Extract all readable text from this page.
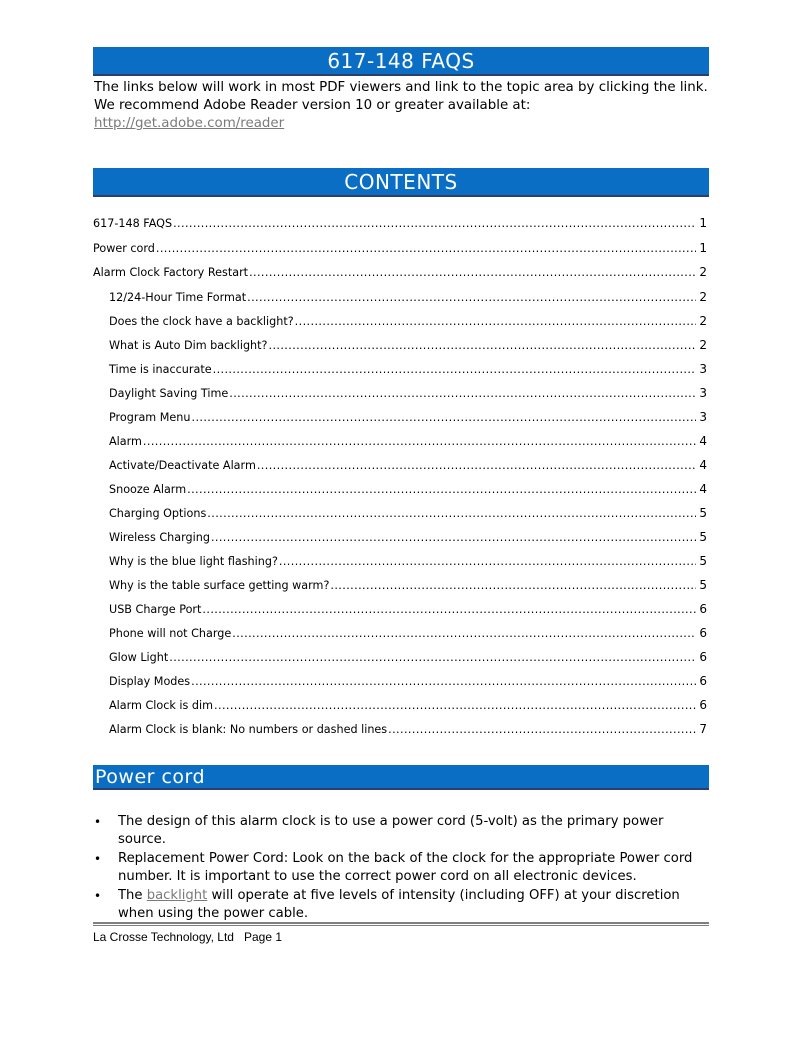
617-148 FAQS
The links below will work in most PDF viewers and link to the topic area by clicking the link. We recommend Adobe Reader version 10 or greater available at:
http://get.adobe.com/reader
CONTENTS
617-148 FAQS .....	1
Power cord .....	1
Alarm Clock Factory Restart .....	2
12/24-Hour Time Format .....	2
Does the clock have a backlight? .....	2
What is Auto Dim backlight? .....	2
Time is inaccurate .....	3
Daylight Saving Time .....	3
Program Menu .....	3
Alarm .....	4
Activate/Deactivate Alarm .....	4
Snooze Alarm .....	4
Charging Options .....	5
Wireless Charging .....	5
Why is the blue light flashing? .....	5
Why is the table surface getting warm? .....	5
USB Charge Port .....	6
Phone will not Charge .....	6
Glow Light .....	6
Display Modes .....	6
Alarm Clock is dim .....	6
Alarm Clock is blank: No numbers or dashed lines .....	7
Power cord
• The design of this alarm clock is to use a power cord (5-volt) as the primary power source.
• Replacement Power Cord: Look on the back of the clock for the appropriate Power cord number. It is important to use the correct power cord on all electronic devices.
• The backlight will operate at five levels of intensity (including OFF) at your discretion when using the power cable.
La Crosse Technology, Ltd   Page 1
